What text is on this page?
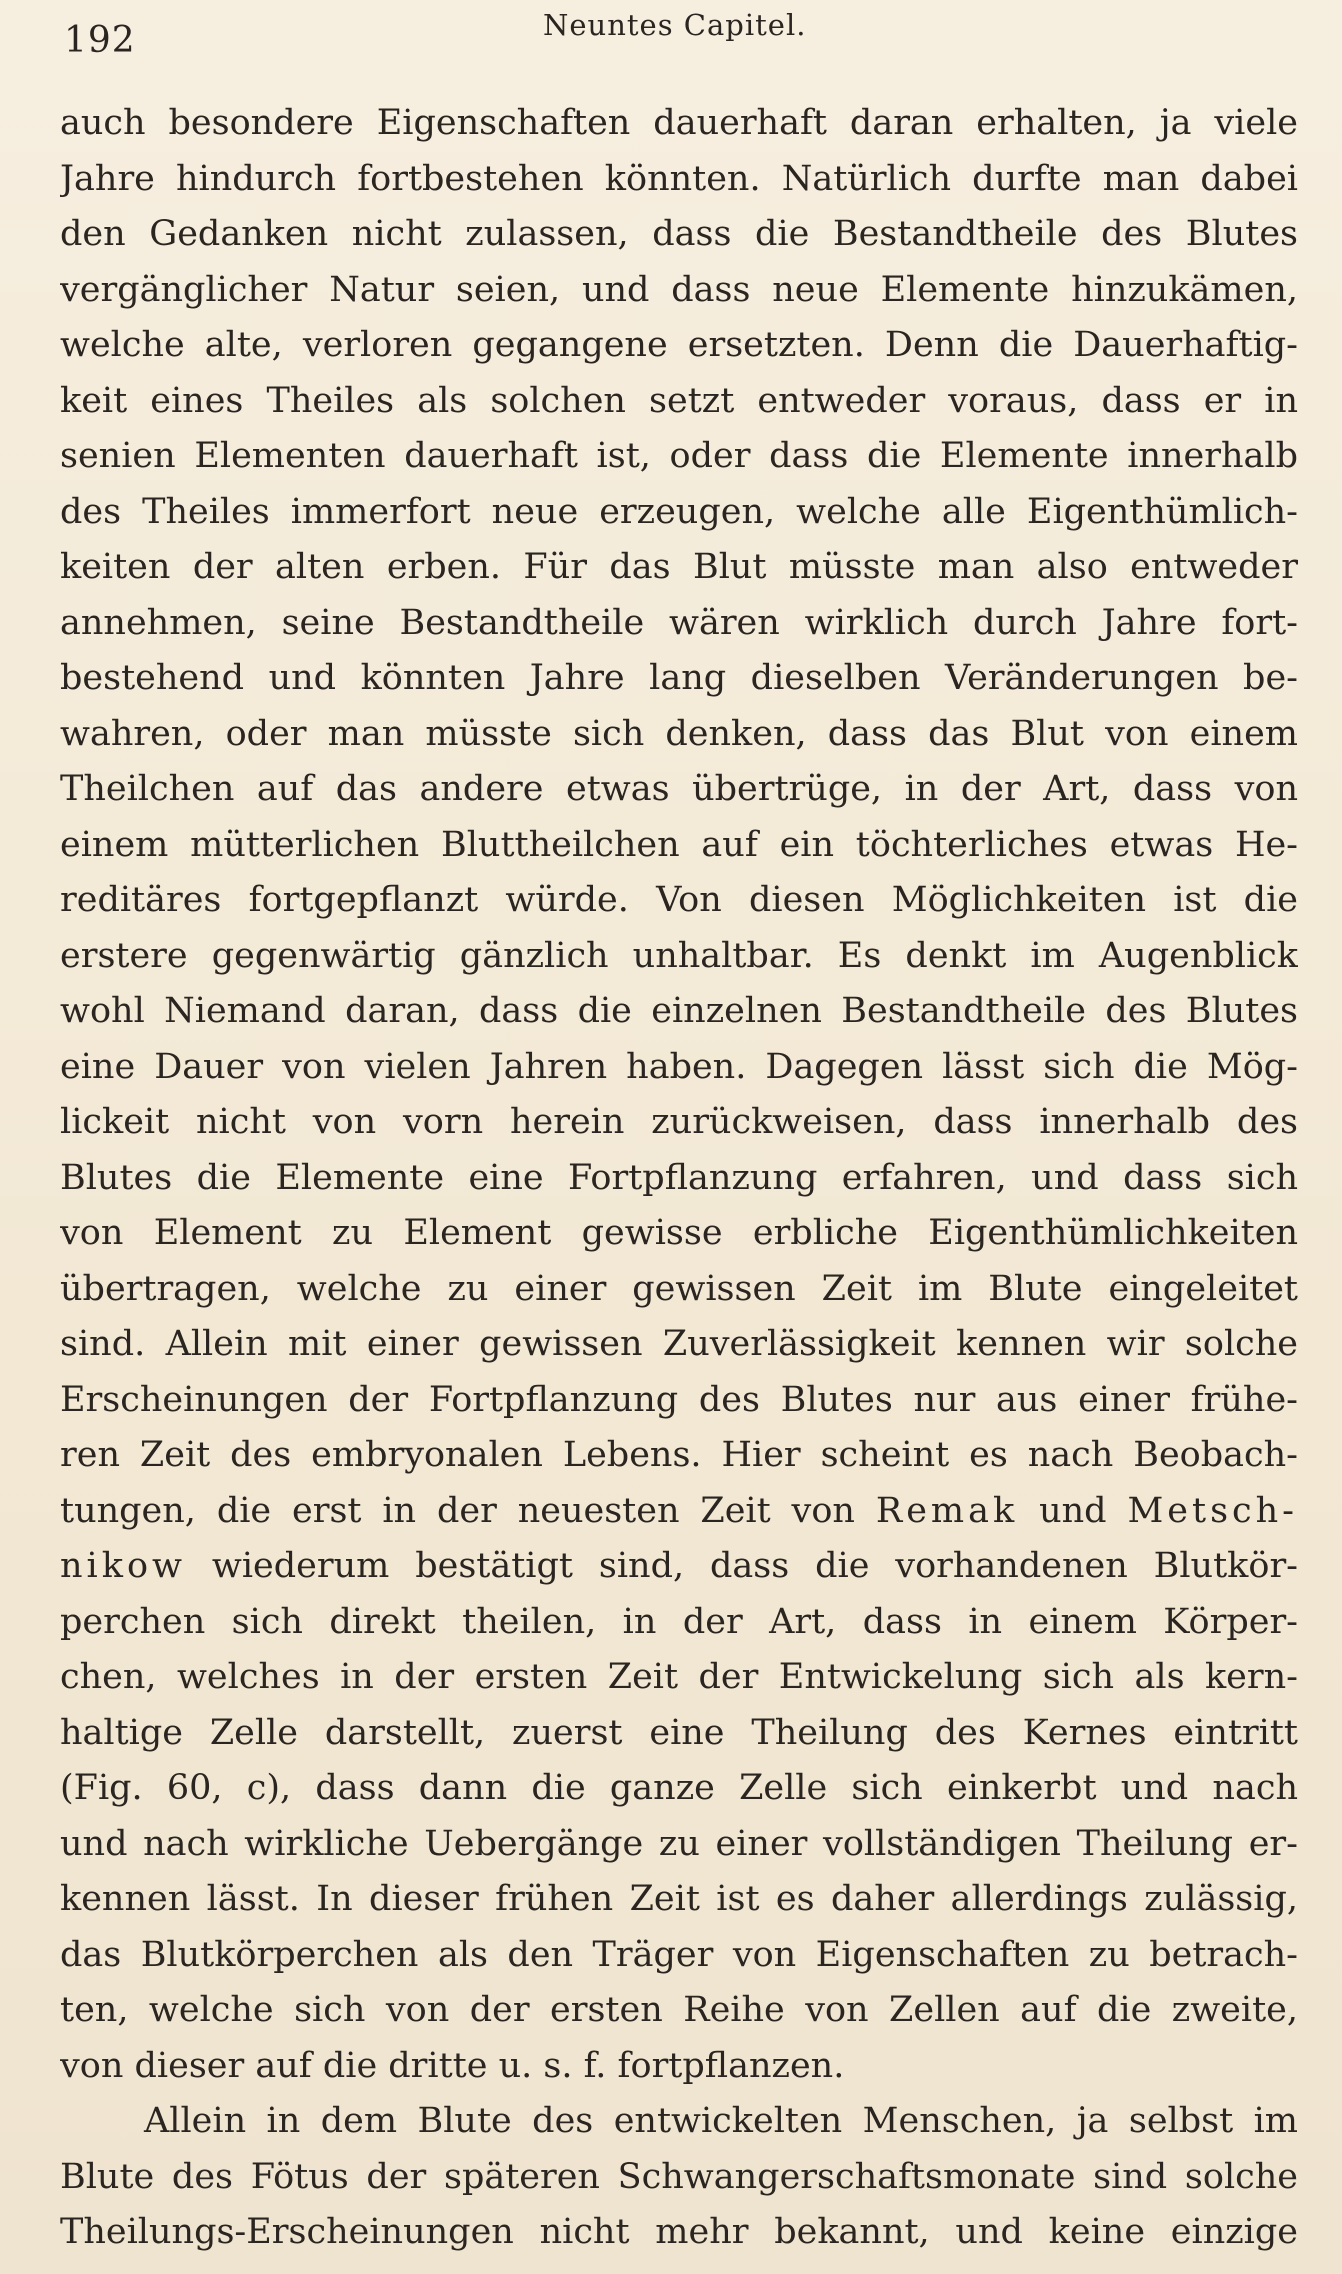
192	Neuntes Capitel.
auch besondere Eigenschaften dauerhaft daran erhalten, ja viele
Jahre hindurch fortbestehen könnten. Natürlich durfte man dabei
den Gedanken nicht zulassen, dass die Bestandtheile des Blutes
vergänglicher Natur seien, und dass neue Elemente hinzukämen,
welche alte, verloren gegangene ersetzten. Denn die Dauerhaftig-
keit eines Theiles als solchen setzt entweder voraus, dass er in
senien Elementen dauerhaft ist, oder dass die Elemente innerhalb
des Theiles immerfort neue erzeugen, welche alle Eigenthümlich-
keiten der alten erben. Für das Blut müsste man also entweder
annehmen, seine Bestandtheile wären wirklich durch Jahre fort-
bestehend und könnten Jahre lang dieselben Veränderungen be-
wahren, oder man müsste sich denken, dass das Blut von einem
Theilchen auf das andere etwas übertrüge, in der Art, dass von
einem mütterlichen Bluttheilchen auf ein töchterliches etwas He-
reditäres fortgepflanzt würde. Von diesen Möglichkeiten ist die
erstere gegenwärtig gänzlich unhaltbar. Es denkt im Augenblick
wohl Niemand daran, dass die einzelnen Bestandtheile des Blutes
eine Dauer von vielen Jahren haben. Dagegen lässt sich die Mög-
lickeit nicht von vorn herein zurückweisen, dass innerhalb des
Blutes die Elemente eine Fortpflanzung erfahren, und dass sich
von Element zu Element gewisse erbliche Eigenthümlichkeiten
übertragen, welche zu einer gewissen Zeit im Blute eingeleitet
sind. Allein mit einer gewissen Zuverlässigkeit kennen wir solche
Erscheinungen der Fortpflanzung des Blutes nur aus einer frühe-
ren Zeit des embryonalen Lebens. Hier scheint es nach Beobach-
tungen, die erst in der neuesten Zeit von Remak und Metsch-
nikow wiederum bestätigt sind, dass die vorhandenen Blutkör-
perchen sich direkt theilen, in der Art, dass in einem Körper-
chen, welches in der ersten Zeit der Entwickelung sich als kern-
haltige Zelle darstellt, zuerst eine Theilung des Kernes eintritt
(Fig. 60, c), dass dann die ganze Zelle sich einkerbt und nach
und nach wirkliche Uebergänge zu einer vollständigen Theilung er-
kennen lässt. In dieser frühen Zeit ist es daher allerdings zulässig,
das Blutkörperchen als den Träger von Eigenschaften zu betrach-
ten, welche sich von der ersten Reihe von Zellen auf die zweite,
von dieser auf die dritte u. s. f. fortpflanzen.
Allein in dem Blute des entwickelten Menschen, ja selbst im
Blute des Fötus der späteren Schwangerschaftsmonate sind solche
Theilungs-Erscheinungen nicht mehr bekannt, und keine einzige
